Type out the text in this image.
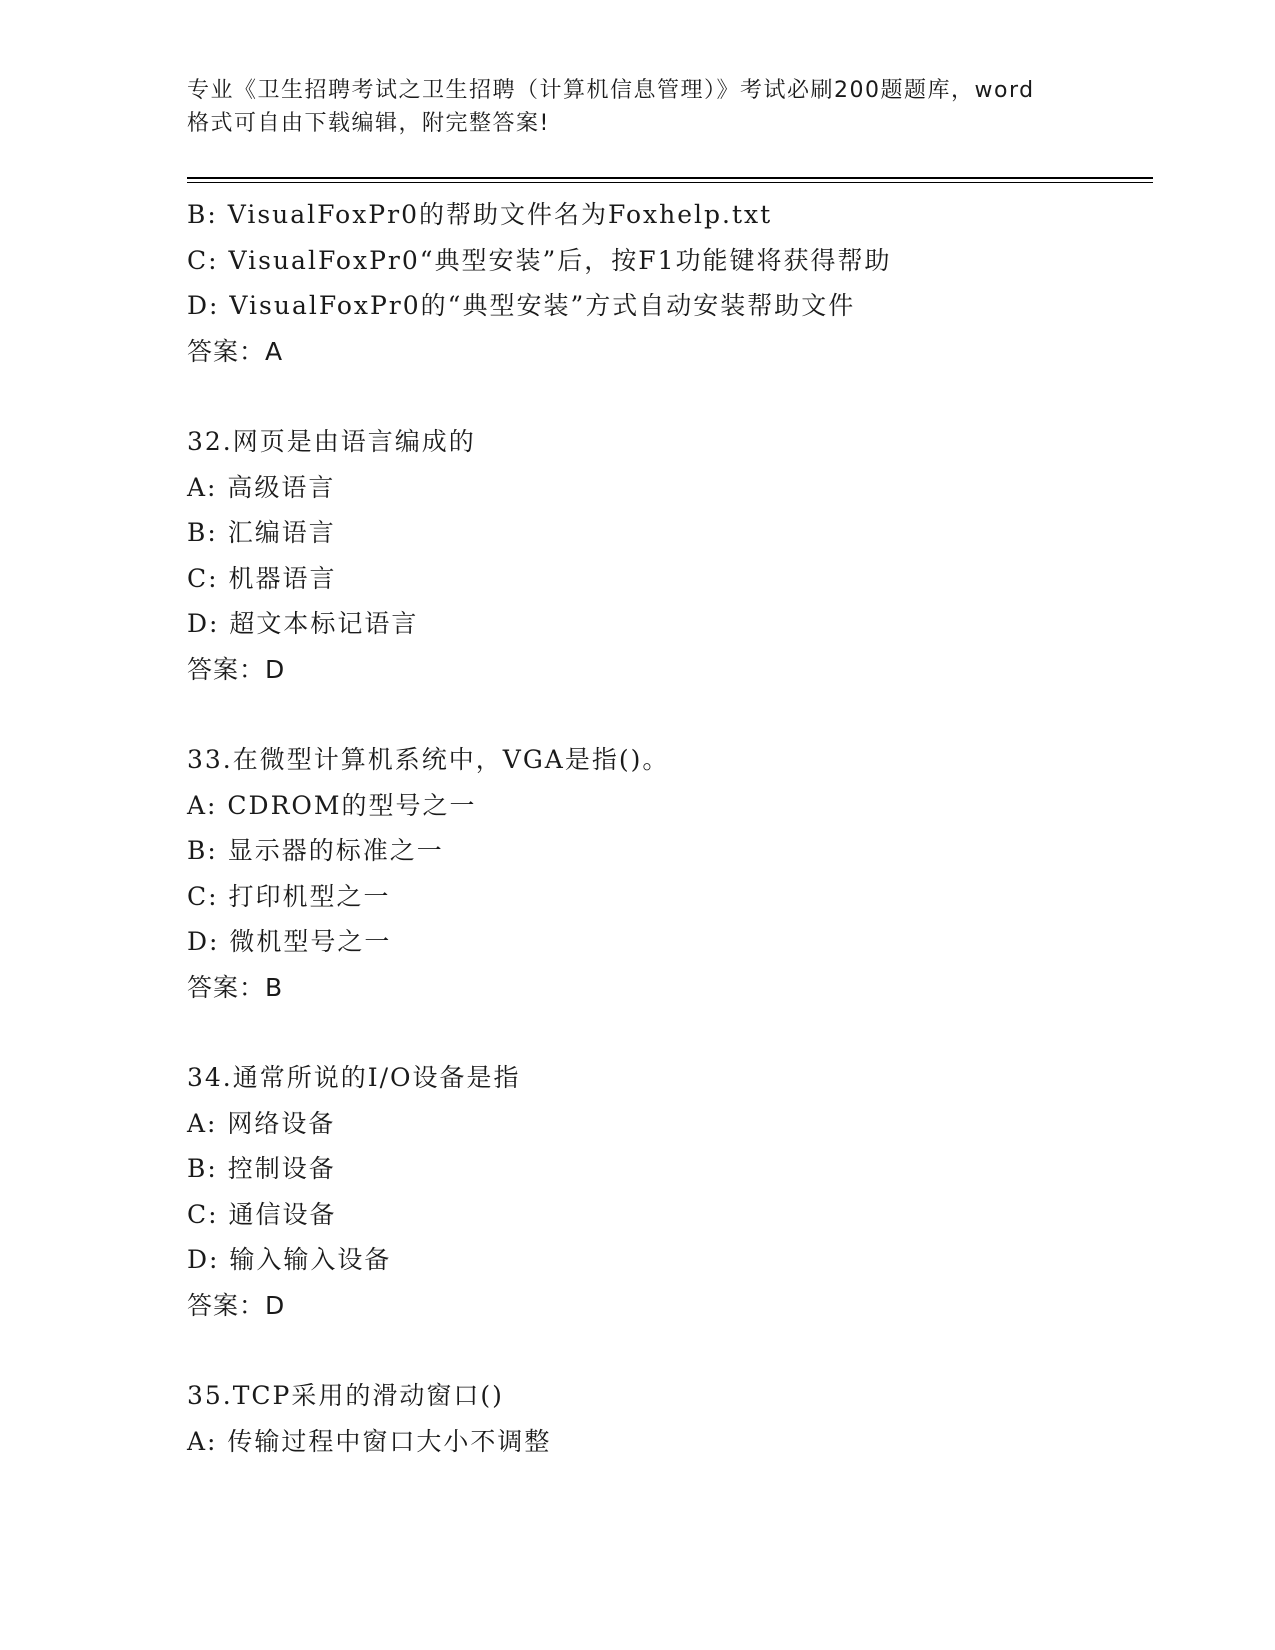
专业《卫生招聘考试之卫生招聘（计算机信息管理）》考试必刷200题题库，word
格式可自由下载编辑，附完整答案!
B: VisualFoxPr0的帮助文件名为Foxhelp.txt
C: VisualFoxPr0“典型安装”后，按F1功能键将获得帮助
D: VisualFoxPr0的“典型安装”方式自动安装帮助文件
答案：A
32.网页是由语言编成的
A: 高级语言
B: 汇编语言
C: 机器语言
D: 超文本标记语言
答案：D
33.在微型计算机系统中，VGA是指()。
A: CDROM的型号之一
B: 显示器的标准之一
C: 打印机型之一
D: 微机型号之一
答案：B
34.通常所说的I/O设备是指
A: 网络设备
B: 控制设备
C: 通信设备
D: 输入输入设备
答案：D
35.TCP采用的滑动窗口()
A: 传输过程中窗口大小不调整
